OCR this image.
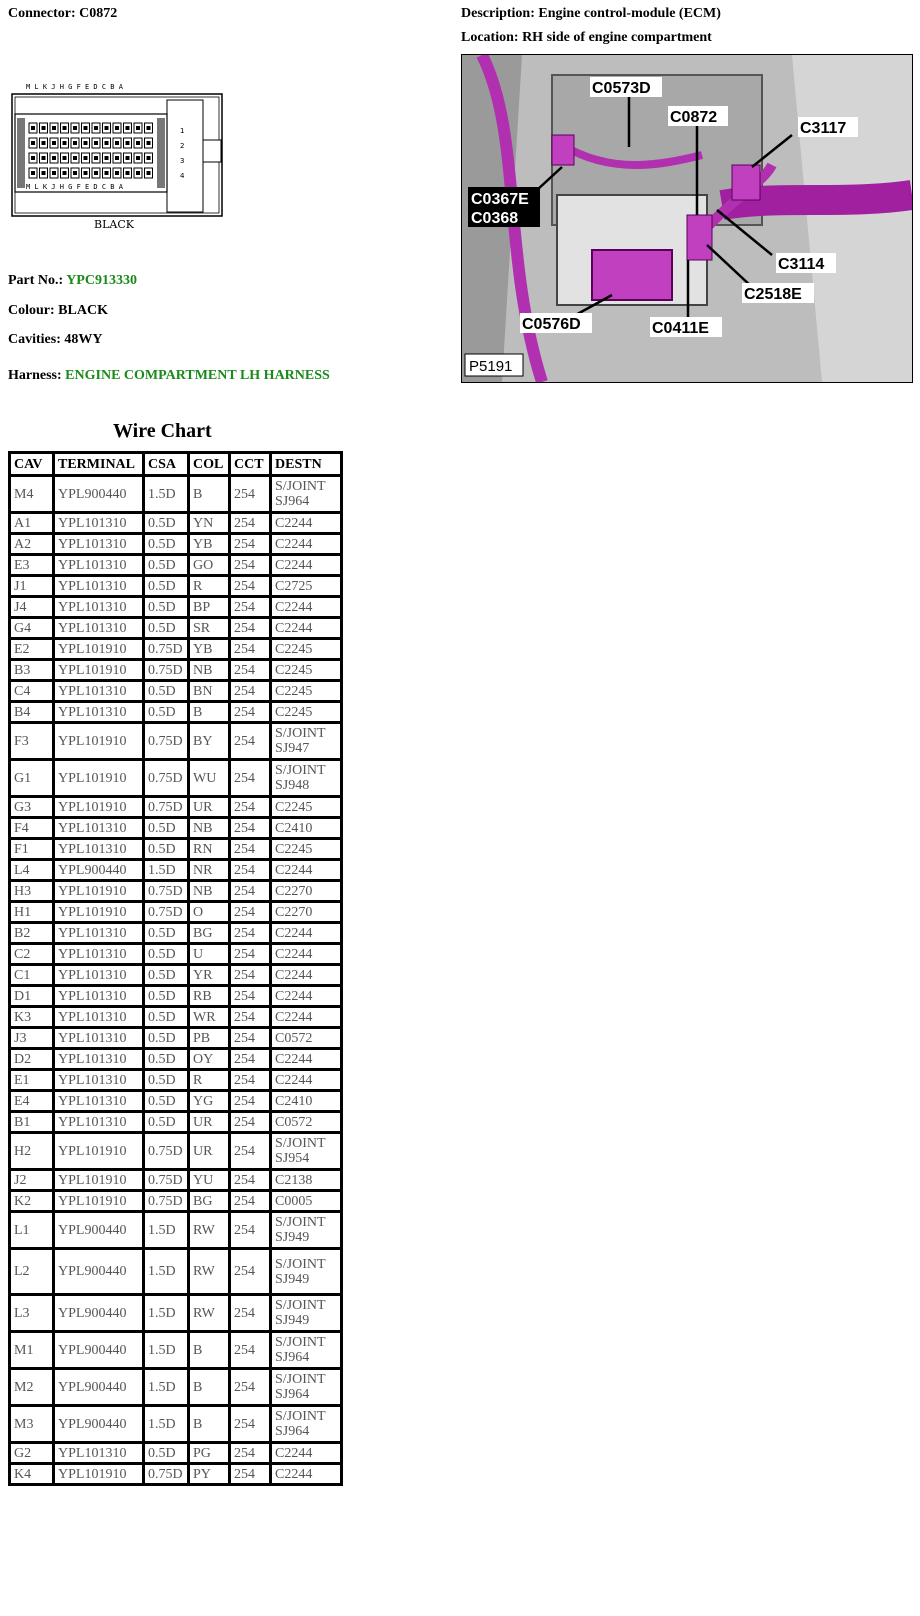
Connector: C0872	Description: Engine control-module (ECM)
Location: RH side of engine compartment
M L K J H G F E D C B A
1
2
3
4
M L K J H G F E D C B A
BLACK
Part No.: YPC913330
Colour: BLACK
Cavities: 48WY
Harness: ENGINE COMPARTMENT LH HARNESS
C0573D
C0872
C3117
C0367E
C0368
C3114
C2518E
C0576D	C0411E
P5191
Wire Chart
CAV	TERMINAL	CSA	COL	CCT	DESTN
M4	YPL900440	1.5D	B	254	S/JOINT SJ964
A1	YPL101310	0.5D	YN	254	C2244
A2	YPL101310	0.5D	YB	254	C2244
E3	YPL101310	0.5D	GO	254	C2244
J1	YPL101310	0.5D	R	254	C2725
J4	YPL101310	0.5D	BP	254	C2244
G4	YPL101310	0.5D	SR	254	C2244
E2	YPL101910	0.75D	YB	254	C2245
B3	YPL101910	0.75D	NB	254	C2245
C4	YPL101310	0.5D	BN	254	C2245
B4	YPL101310	0.5D	B	254	C2245
F3	YPL101910	0.75D	BY	254	S/JOINT SJ947
G1	YPL101910	0.75D	WU	254	S/JOINT SJ948
G3	YPL101910	0.75D	UR	254	C2245
F4	YPL101310	0.5D	NB	254	C2410
F1	YPL101310	0.5D	RN	254	C2245
L4	YPL900440	1.5D	NR	254	C2244
H3	YPL101910	0.75D	NB	254	C2270
H1	YPL101910	0.75D	O	254	C2270
B2	YPL101310	0.5D	BG	254	C2244
C2	YPL101310	0.5D	U	254	C2244
C1	YPL101310	0.5D	YR	254	C2244
D1	YPL101310	0.5D	RB	254	C2244
K3	YPL101310	0.5D	WR	254	C2244
J3	YPL101310	0.5D	PB	254	C0572
D2	YPL101310	0.5D	OY	254	C2244
E1	YPL101310	0.5D	R	254	C2244
E4	YPL101310	0.5D	YG	254	C2410
B1	YPL101310	0.5D	UR	254	C0572
H2	YPL101910	0.75D	UR	254	S/JOINT SJ954
J2	YPL101910	0.75D	YU	254	C2138
K2	YPL101910	0.75D	BG	254	C0005
L1	YPL900440	1.5D	RW	254	S/JOINT SJ949
L2	YPL900440	1.5D	RW	254	S/JOINT SJ949
L3	YPL900440	1.5D	RW	254	S/JOINT SJ949
M1	YPL900440	1.5D	B	254	S/JOINT SJ964
M2	YPL900440	1.5D	B	254	S/JOINT SJ964
M3	YPL900440	1.5D	B	254	S/JOINT SJ964
G2	YPL101310	0.5D	PG	254	C2244
K4	YPL101910	0.75D	PY	254	C2244
